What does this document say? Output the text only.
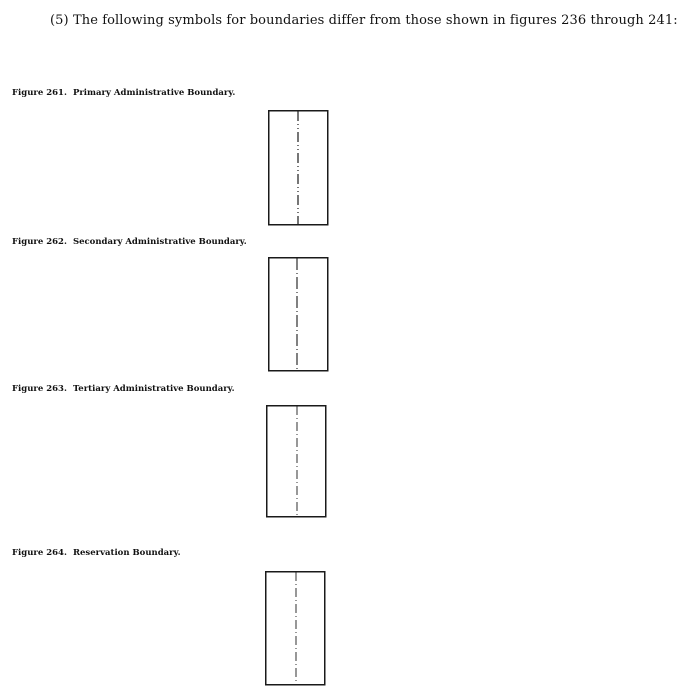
(5) The following symbols for boundaries differ from those shown in figures 236 through 241:
Figure 261. Primary Administrative Boundary.
Figure 262. Secondary Administrative Boundary.
Figure 263. Tertiary Administrative Boundary.
Figure 264. Reservation Boundary.
